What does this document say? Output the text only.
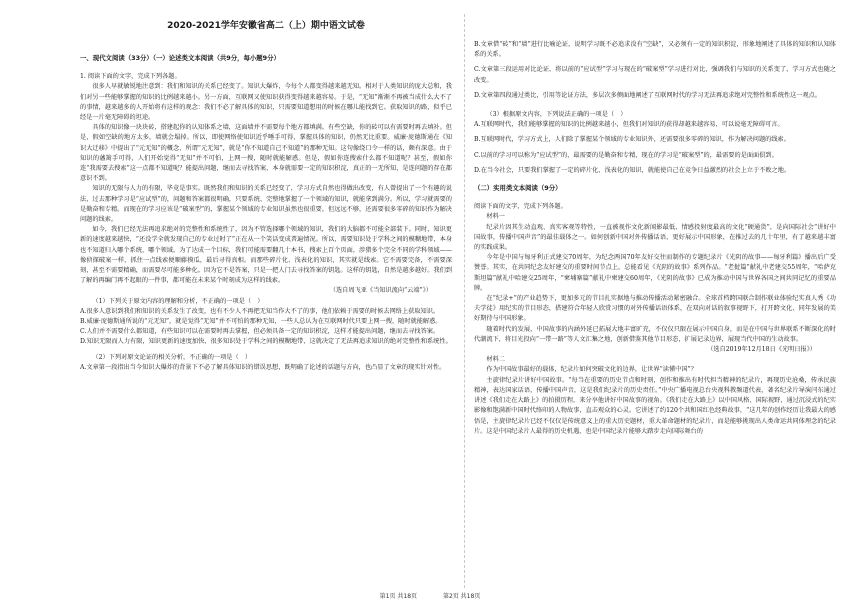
2020-2021学年安徽省高二（上）期中语文试卷
一、现代文阅读（33分）（一）论述类文本阅读（共9分，每小题9分）

1. 阅读下面的文字，完成下列各题。

很多人早就敏锐地注意到：我们和知识的关系已经变了。知识大爆炸，今每个人都变得越来越无知。相对于人类知识的庞大总和，我们对另一些能够掌握的知识的比例越来越小。另一方面，互联网又使知识获得变得越来越容易。于是，“无知”渐渐不再被当成什么大不了的事情，越来越多的人开始将有这样的观念：我们不必了解具体的知识，只需要知道想用的时候在哪儿能找到它。获取知识的路，似乎已经是一片毫无障碍的坦途。

具体的知识像一块块砖，搭建起你的认知体系之墙，这面墙并不需要每个地方都填满。有些空缺，你的砖可以有需要时再去填补。但是，假如空缺的地方太多，墙就会塌掉。所以，即使网络使知识近乎唾手可得，掌握具体的知识，仍然无比重要。威廉·庞德斯通在《知识大迁移》中提出了“元无知”的概念，所谓“元无知”，就是“你不知道自己不知道”的那种无知。这句像绕口令一样的话，颇有深意。由于知识的藩篱手可得，人们开始觉得“无知”并不可怕，上网一搜，随时就能解惑。但是，假如你连搜索什么都不知道呢？甚至，假如你连“我需要去搜索”这一点都不知道呢？能提出问题，继而去寻找答案，本身就需要一定的知识积淀，真正的一无所知，是连问题的存在都意识不到。

知识的无限与人力的有限，毕竟是事实。既然我们和知识的关系已经变了，学习方式自然也得做出改变，有人曾提出了一个有趣的说法，过去那种学习是“应试型”的，问题和答案都很明确，只要系统、完整地掌握了一个领域的知识，就能拿到满分。所以，学习就需要的是勤奋和专精。而现在的学习应该是“破案型”的，掌握某个领域的专业知识虽然也很重要，但远远不够，还需要很多零碎的知识作为解决问题的线索。

如今，我们已经无法再追求绝对的完整性和系统性了，因为不管选择哪个领域的知识，我们的大脑都不可能全部装下。同时，知识更新的速度越来越快，“还没学全就发现自己的专业过时了”正在从一个笑话变成普遍情况。所以，需要知识处于学科之间的模糊地带，本身也不知道归入哪个系统，哪个领域。为了达成一个目标，我们可能需要翻几十本书，搜索上百个页面，涉猎多个完全不同的学科领域——像侦探破案一样，抓住一点线索便顺藤摸瓜，最后寻得真相。而那些碎片化、浅表化的知识，其实就是线索。它不需要完备，不需要深刻，甚至不需要精确，而需要尽可能多种化。因为它不是答案，只是一把人门去寻找答案的钥匙。这样的钥匙，自然是越多越好。我们到了解的再编门再不起眼的一件事，都可能在未来某个时刻成为这样的线索。

（选自周飞亚《当知识流向“云端”》）

（1）下列关于原文内容的理解和分析，不正确的一项是（　）

A.很多人意识到我们和知识的关系发生了改变，也有不少人不再把无知当作大不了的事，他们依赖于需要的时候去网络上获取知识。

B.威廉·庞德斯通所说的“元无知”，就是觉得“无知”并不可怕的那种无知，一些人总认为在互联网时代只要上网一搜，随时就能解惑。

C.人们并不需要什么都知道，有些知识可以在需要时再去掌握，但必须具备一定的知识积淀，这样才能提出问题，继而去寻找答案。

D.知识无限而人力有限，知识更新的速度加快，很多知识处于学科之间的模糊地带，这就决定了无法再追求知识的绝对完整性和系统性。

（2）下列对原文论证的相关分析，不正确的一项是（　）

A.文章第一段指出当今知识大爆炸的背景下不必了解具体知识的错误思想，既明确了论述的话题与方向，也凸显了文章的现实针对性。

B.文章借“砖”和“墙”进行比喻论证，说明学习既不必追求没有“空缺”，又必须有一定的知识积淀，形象地阐述了具体的知识和认知体系的关系。

C.文章第三段运用对比论证，将以前的“应试型”学习与现在的“破案型”学习进行对比，强调我们与知识的关系变了，学习方式也随之改变。

D.文章第四段通过类比，引用等论证方法，多层次多侧面地阐述了互联网时代的学习无法再追求绝对完整性和系统性这一观点。

（3）根据原文内容，下列说法正确的一项是（　）

A.互联网时代，我们能够掌握的知识的比例越来越小，但我们对知识的获得却越来越容易，可以说毫无障碍可言。

B.互联网时代，学习方式上，人们除了掌握某个领域的专业知识外，还需要很多零碎的知识，作为解决问题的线索。

C.以前的学习可以称为“应试型”的，最需要的是勤奋和专精，现在的学习是“破案型”的，最需要的是面面俱到。

D.在当今社会，只要我们掌握了一定的碎片化、浅表化的知识，就能使自己在竞争日益激烈的社会上立于不败之地。

（二）实用类文本阅读（9分）

阅读下面的文字，完成下列各题。

材料一

纪录片因其生动直观、真实客观等特性，一直被视作文化新闻影最低、情感投射度最高的文化“硬通货”，是向国际社会“讲好中国故事，传播中国声音”的最佳载体之一。如何创新中国对外传播话语，更好展示中国形象，在推过去的几十年里，有了越来越丰富的实践成果。

今年是中国与匈牙利正式建交70周年，为纪念两国70年友好交往而制作的专题纪录片《光阴的故事——匈牙利篇》播出后广受赞誉。其实，在共同纪念友好建交的重要时间节点上，总能看见《光阴的故事》系列作品。“老挝篇”献礼中老建交55周年，“哈萨克斯坦篇”献礼中哈建交25周年，“柬埔寨篇”献礼中柬建交60周年，《光阴的故事》已成为推动中国与世界各国之间共同记忆的重要品牌。

在“纪录+”的产业趋势下，更加多元的节目扎实据地与推动传播活动紧密融合。全球首档跨国联合制作联业体验纪实真人秀《功夫学徒》用纪实的节目形态，搭建符合年轻人欣赏习惯的对外传播话语体系，在双向对话的叙事视野下，打开跨文化、同年发展的美好期待与中国形象。

随着时代的发展，中国故事的内涵外延已拓展大地丰富旷充，不仅仅只限在展示中国自身，而是在中国与世界联系不断深化的时代潮流下，将目光投向“一带一路”等人文汇集之地，创新借鉴其他节目形态，扩展记录边界，展现当代中国的生动故事。

（选自2019年12月18日《光明日报》）

材料二

作为中国故事最好的载体，纪录片如何突破文化的边界，让世界“读懂中国”？

主旋律纪录片讲好中国故事。“每当在重要的历史节点和时刻，创作和推出有时代担当精神的纪录片，再现历史沧桑，传承民族精神，表达国家话语，传播中国声音，这是我们纪录片的历史责任。”中央广播电视总台央视科教频道代表，著名纪录片导演闫东通过讲述《我们走在大路上》的拍摄历程，来分享他讲好中国故事的视角。《我们走在大路上》以中国风格、国际视野，通过沉浸式的纪实影像和饱满新中国时代络印的人物故事，直击观众的心灵。它讲述了约120个共和国红色经典故事，“这几年的创作经历让我最大的感悟是，主旋律纪录片已经不仅仅是传统意义上的重大历史题材，重大革命题材的纪录片，而是能够挑现出人类命运共同体理念的纪录片。这是中国纪录片人最得的历史机遇，也是中国纪录片能够大踏步走向国际舞台的

第1页 共18页	第2页 共18页
